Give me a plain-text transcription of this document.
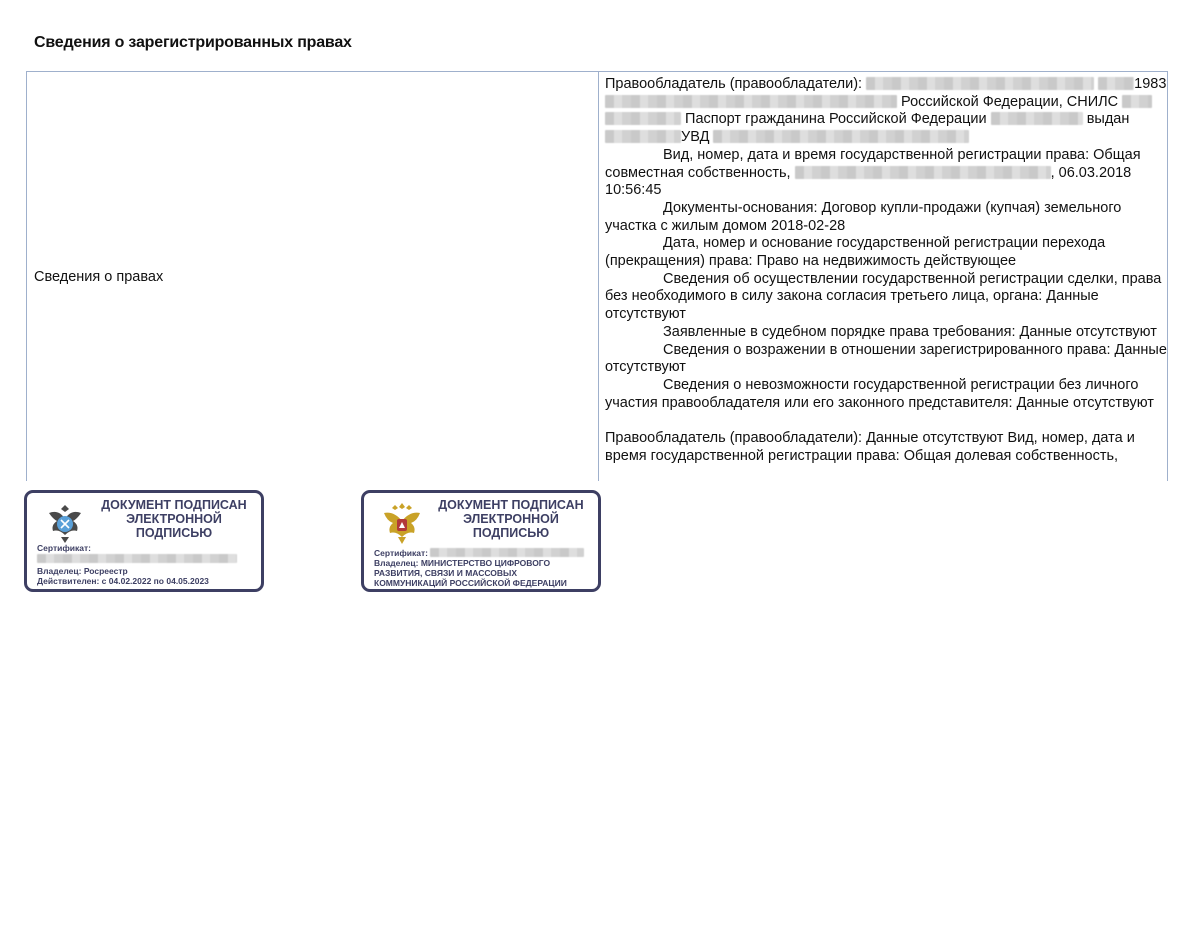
Сведения о зарегистрированных правах
Сведения о правах

Правообладатель (правообладатели):	1983  Российской Федерации, СНИЛС   Паспорт гражданина Российской Федерации	выдан УВД

Вид, номер, дата и время государственной регистрации права: Общая совместная собственность,	, 06.03.2018 10:56:45

Документы-основания: Договор купли-продажи (купчая) земельного участка с жилым домом 2018-02-28

Дата, номер и основание государственной регистрации перехода (прекращения) права: Право на недвижимость действующее

Сведения об осуществлении государственной регистрации сделки, права без необходимого в силу закона согласия третьего лица, органа: Данные отсутствуют

Заявленные в судебном порядке права требования: Данные отсутствуют

Сведения о возражении в отношении зарегистрированного права: Данные отсутствуют

Сведения о невозможности государственной регистрации без личного участия правообладателя или его законного представителя: Данные отсутствуют

Правообладатель (правообладатели): Данные отсутствуют Вид, номер, дата и время государственной регистрации права: Общая долевая собственность,

ДОКУМЕНТ ПОДПИСАН ЭЛЕКТРОННОЙ ПОДПИСЬЮ
Сертификат:
Владелец: Росреестр
Действителен: с 04.02.2022 по 04.05.2023
ДОКУМЕНТ ПОДПИСАН ЭЛЕКТРОННОЙ ПОДПИСЬЮ
Сертификат:
Владелец: МИНИСТЕРСТВО ЦИФРОВОГО РАЗВИТИЯ, СВЯЗИ И МАССОВЫХ КОММУНИКАЦИЙ РОССИЙСКОЙ ФЕДЕРАЦИИ
